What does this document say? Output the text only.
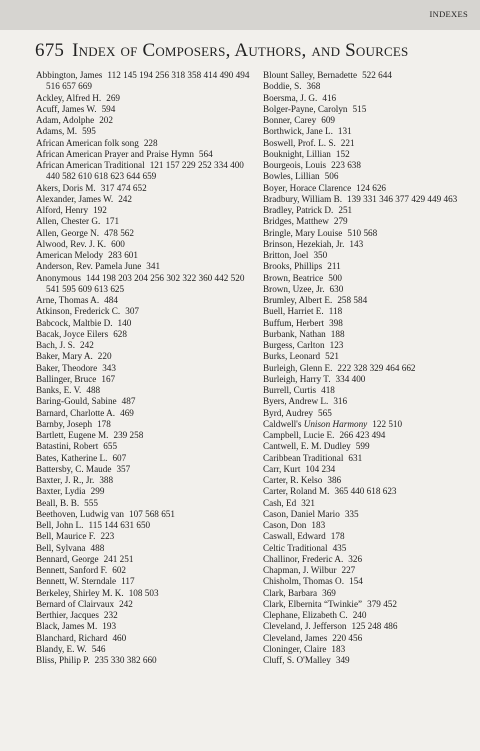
INDEXES
675 Index of Composers, Authors, and Sources
Abbington, James 112 145 194 256 318 358 414 490 494 516 657 669
Ackley, Alfred H. 269
Acuff, James W. 594
Adam, Adolphe 202
Adams, M. 595
African American folk song 228
African American Prayer and Praise Hymn 564
African American Traditional 121 157 229 252 334 400 440 582 610 618 623 644 659
Akers, Doris M. 317 474 652
Alexander, James W. 242
Alford, Henry 192
Allen, Chester G. 171
Allen, George N. 478 562
Alwood, Rev. J. K. 600
American Melody 283 601
Anderson, Rev. Pamela June 341
Anonymous 144 198 203 204 256 302 322 360 442 520 541 595 609 613 625
Arne, Thomas A. 484
Atkinson, Frederick C. 307
Babcock, Maltbie D. 140
Bacak, Joyce Eilers 628
Bach, J. S. 242
Baker, Mary A. 220
Baker, Theodore 343
Ballinger, Bruce 167
Banks, E. V. 488
Baring-Gould, Sabine 487
Barnard, Charlotte A. 469
Barnby, Joseph 178
Bartlett, Eugene M. 239 258
Batastini, Robert 655
Bates, Katherine L. 607
Battersby, C. Maude 357
Baxter, J. R., Jr. 388
Baxter, Lydia 299
Beall, B. B. 555
Beethoven, Ludwig van 107 568 651
Bell, John L. 115 144 631 650
Bell, Maurice F. 223
Bell, Sylvana 488
Bennard, George 241 251
Bennett, Sanford F. 602
Bennett, W. Sterndale 117
Berkeley, Shirley M. K. 108 503
Bernard of Clairvaux 242
Berthier, Jacques 232
Black, James M. 193
Blanchard, Richard 460
Blandy, E. W. 546
Bliss, Philip P. 235 330 382 660
Blount Salley, Bernadette 522 644
Boddie, S. 368
Boersma, J. G. 416
Bolger-Payne, Carolyn 515
Bonner, Carey 609
Borthwick, Jane L. 131
Boswell, Prof. L. S. 221
Bouknight, Lillian 152
Bourgeois, Louis 223 638
Bowles, Lillian 506
Boyer, Horace Clarence 124 626
Bradbury, William B. 139 331 346 377 429 449 463
Bradley, Patrick D. 251
Bridges, Matthew 279
Bringle, Mary Louise 510 568
Brinson, Hezekiah, Jr. 143
Britton, Joel 350
Brooks, Phillips 211
Brown, Beatrice 500
Brown, Uzee, Jr. 630
Brumley, Albert E. 258 584
Buell, Harriet E. 118
Buffum, Herbert 398
Burbank, Nathan 188
Burgess, Carlton 123
Burks, Leonard 521
Burleigh, Glenn E. 222 328 329 464 662
Burleigh, Harry T. 334 400
Burrell, Curtis 418
Byers, Andrew L. 316
Byrd, Audrey 565
Caldwell's Unison Harmony 122 510
Campbell, Lucie E. 266 423 494
Cantwell, E. M. Dudley 599
Caribbean Traditional 631
Carr, Kurt 104 234
Carter, R. Kelso 386
Carter, Roland M. 365 440 618 623
Cash, Ed 321
Cason, Daniel Mario 335
Cason, Don 183
Caswall, Edward 178
Celtic Traditional 435
Challinor, Frederic A. 326
Chapman, J. Wilbur 227
Chisholm, Thomas O. 154
Clark, Barbara 369
Clark, Elbernita “Twinkie” 379 452
Clephane, Elizabeth C. 240
Cleveland, J. Jefferson 125 248 486
Cleveland, James 220 456
Cloninger, Claire 183
Cluff, S. O'Malley 349
